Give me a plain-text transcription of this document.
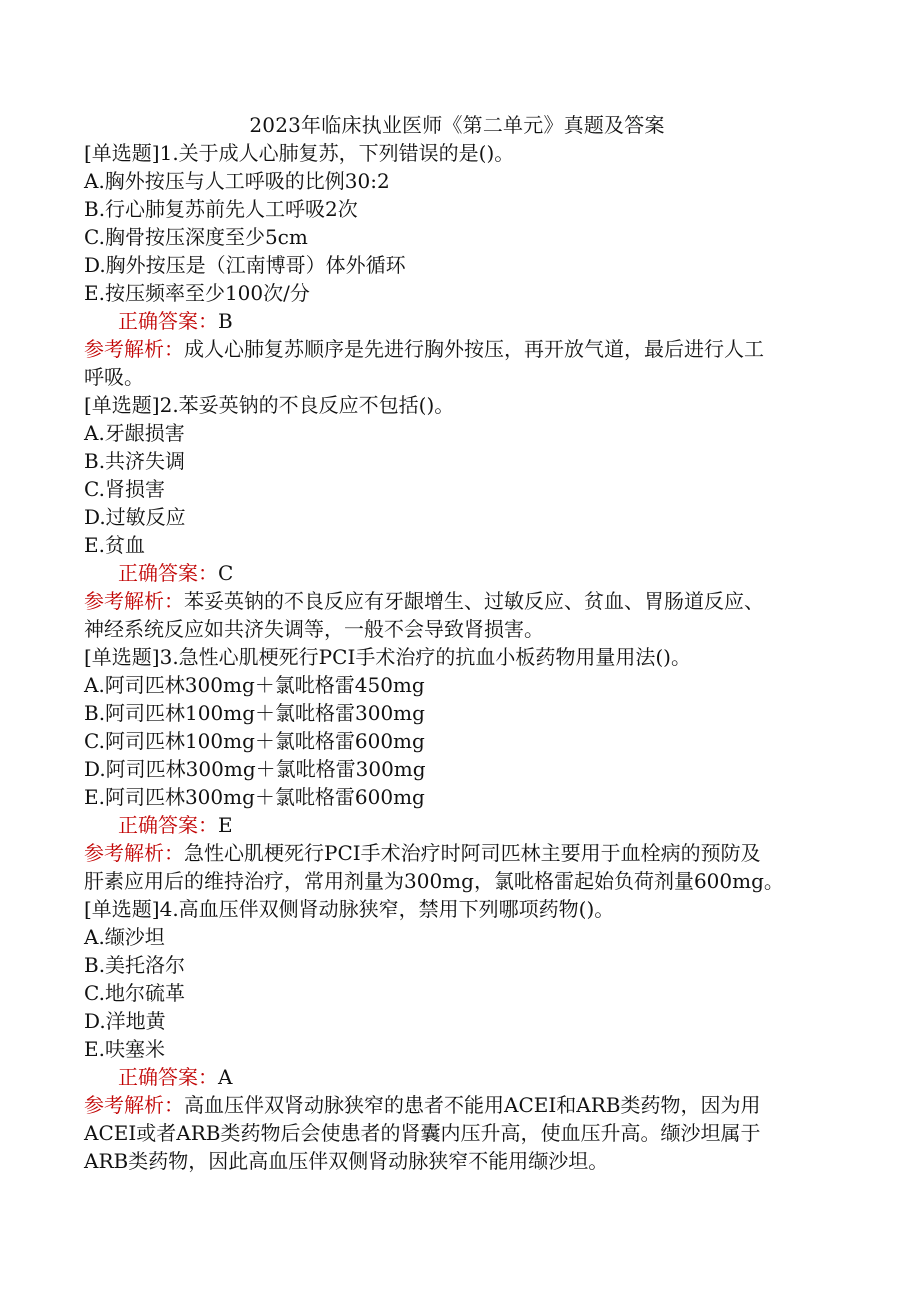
2023年临床执业医师《第二单元》真题及答案
[单选题]1.关于成人心肺复苏，下列错误的是()。
A.胸外按压与人工呼吸的比例30:2
B.行心肺复苏前先人工呼吸2次
C.胸骨按压深度至少5cm
D.胸外按压是（江南博哥）体外循环
E.按压频率至少100次/分
正确答案：B
参考解析：成人心肺复苏顺序是先进行胸外按压，再开放气道，最后进行人工
呼吸。
[单选题]2.苯妥英钠的不良反应不包括()。
A.牙龈损害
B.共济失调
C.肾损害
D.过敏反应
E.贫血
正确答案：C
参考解析：苯妥英钠的不良反应有牙龈增生、过敏反应、贫血、胃肠道反应、
神经系统反应如共济失调等，一般不会导致肾损害。
[单选题]3.急性心肌梗死行PCI手术治疗的抗血小板药物用量用法()。
A.阿司匹林300mg＋氯吡格雷450mg
B.阿司匹林100mg＋氯吡格雷300mg
C.阿司匹林100mg＋氯吡格雷600mg
D.阿司匹林300mg＋氯吡格雷300mg
E.阿司匹林300mg＋氯吡格雷600mg
正确答案：E
参考解析：急性心肌梗死行PCI手术治疗时阿司匹林主要用于血栓病的预防及
肝素应用后的维持治疗，常用剂量为300mg，氯吡格雷起始负荷剂量600mg。
[单选题]4.高血压伴双侧肾动脉狭窄，禁用下列哪项药物()。
A.缬沙坦
B.美托洛尔
C.地尔硫革
D.洋地黄
E.呋塞米
正确答案：A
参考解析：高血压伴双肾动脉狭窄的患者不能用ACEI和ARB类药物，因为用
ACEI或者ARB类药物后会使患者的肾囊内压升高，使血压升高。缬沙坦属于
ARB类药物，因此高血压伴双侧肾动脉狭窄不能用缬沙坦。
